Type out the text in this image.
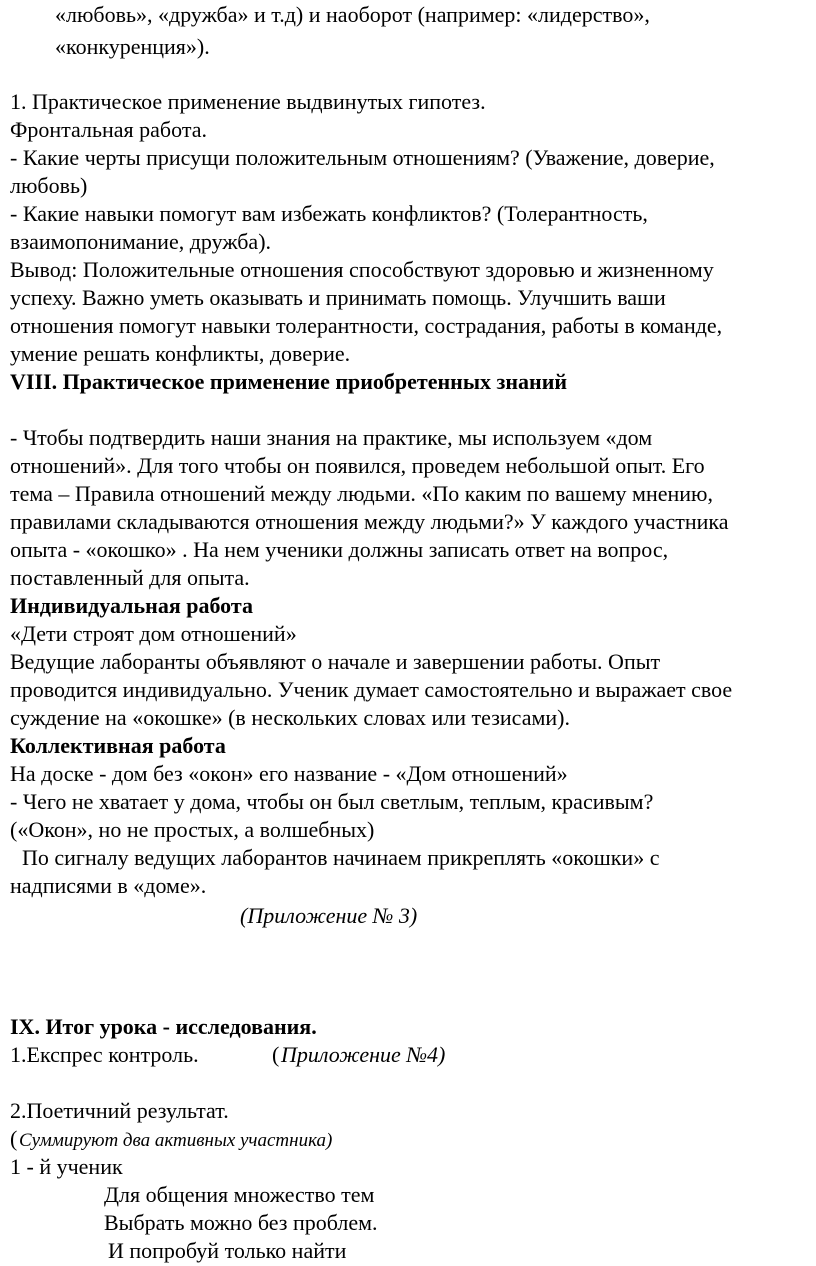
«любовь», «дружба» и т.д) и наоборот (например: «лидерство»,

«конкуренция»).

1. Практическое применение выдвинутых гипотез.

Фронтальная работа.

- Какие черты присущи положительным отношениям? (Уважение, доверие,

любовь)

- Какие навыки помогут вам избежать конфликтов? (Толерантность,

взаимопонимание, дружба).

Вывод: Положительные отношения способствуют здоровью и жизненному

успеху. Важно уметь оказывать и принимать помощь. Улучшить ваши

отношения помогут навыки толерантности, сострадания, работы в команде,

умение решать конфликты, доверие.

VIII. Практическое применение приобретенных знаний

- Чтобы подтвердить наши знания на практике, мы используем «дом

отношений». Для того чтобы он появился, проведем небольшой опыт. Его

тема – Правила отношений между людьми. «По каким по вашему мнению,

правилами складываются отношения между людьми?» У каждого участника

опыта - «окошко» . На нем ученики должны записать ответ на вопрос,

поставленный для опыта.

Индивидуальная работа

«Дети строят дом отношений»

Ведущие лаборанты объявляют о начале и завершении работы. Опыт

проводится индивидуально. Ученик думает самостоятельно и выражает свое

суждение на «окошке» (в нескольких словах или тезисами).

Коллективная работа

На доске - дом без «окон» его название - «Дом отношений»

- Чего не хватает у дома, чтобы он был светлым, теплым, красивым?

(«Окон», но не простых, а волшебных)

По сигналу ведущих лаборантов начинаем прикреплять «окошки» с

надписями в «доме».

(Приложение № 3)

IX. Итог урока - исследования.

1.Експрес контроль.	( Приложение №4)

2.Поетичний результат.

( Суммируют два активных участника)

1 - й ученик

Для общения множество тем

Выбрать можно без проблем.

И попробуй только найти
